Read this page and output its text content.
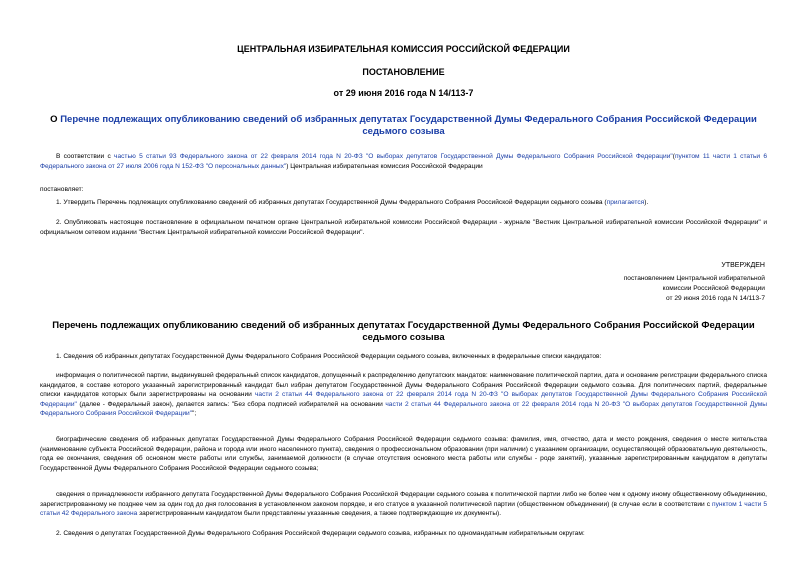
ЦЕНТРАЛЬНАЯ ИЗБИРАТЕЛЬНАЯ КОМИССИЯ РОССИЙСКОЙ ФЕДЕРАЦИИ
ПОСТАНОВЛЕНИЕ
от 29 июня 2016 года N 14/113-7
О Перечне подлежащих опубликованию сведений об избранных депутатах Государственной Думы Федерального Собрания Российской Федерации седьмого созыва
В соответствии с частью 5 статьи 93 Федерального закона от 22 февраля 2014 года N 20-ФЗ "О выборах депутатов Государственной Думы Федерального Собрания Российской Федерации"(пунктом 11 части 1 статьи 6 Федерального закона от 27 июля 2006 года N 152-ФЗ "О персональных данных") Центральная избирательная комиссия Российской Федерации
постановляет:
1. Утвердить Перечень подлежащих опубликованию сведений об избранных депутатах Государственной Думы Федерального Собрания Российской Федерации седьмого созыва (прилагается).
2. Опубликовать настоящее постановление в официальном печатном органе Центральной избирательной комиссии Российской Федерации - журнале "Вестник Центральной избирательной комиссии Российской Федерации" и официальном сетевом издании "Вестник Центральной избирательной комиссии Российской Федерации".
УТВЕРЖДЕН
постановлением Центральной избирательной
комиссии Российской Федерации
от 29 июня 2016 года N 14/113-7
Перечень подлежащих опубликованию сведений об избранных депутатах Государственной Думы Федерального Собрания Российской Федерации седьмого созыва
1. Сведения об избранных депутатах Государственной Думы Федерального Собрания Российской Федерации седьмого созыва, включенных в федеральные списки кандидатов:
информация о политической партии, выдвинувшей федеральный список кандидатов, допущенный к распределению депутатских мандатов: наименование политической партии, дата и основание регистрации федерального списка кандидатов, в составе которого указанный зарегистрированный кандидат был избран депутатом Государственной Думы Федерального Собрания Российской Федерации седьмого созыва. Для политических партий, федеральные списки кандидатов которых были зарегистрированы на основании части 2 статьи 44 Федерального закона от 22 февраля 2014 года N 20-ФЗ "О выборах депутатов Государственной Думы Федерального Собрания Российской Федерации" (далее - Федеральный закон), делается запись: "Без сбора подписей избирателей на основании части 2 статьи 44 Федерального закона от 22 февраля 2014 года N 20-ФЗ "О выборах депутатов Государственной Думы Федерального Собрания Российской Федерации"";
биографические сведения об избранных депутатах Государственной Думы Федерального Собрания Российской Федерации седьмого созыва: фамилия, имя, отчество, дата и место рождения, сведения о месте жительства (наименование субъекта Российской Федерации, района и города или иного населенного пункта), сведения о профессиональном образовании (при наличии) с указанием организации, осуществляющей образовательную деятельность, года ее окончания, сведения об основном месте работы или службы, занимаемой должности (в случае отсутствия основного места работы или службы - роде занятий), указанные зарегистрированным кандидатом в депутаты Государственной Думы Федерального Собрания Российской Федерации седьмого созыва;
сведения о принадлежности избранного депутата Государственной Думы Федерального Собрания Российской Федерации седьмого созыва к политической партии либо не более чем к одному иному общественному объединению, зарегистрированному не позднее чем за один год до дня голосования в установленном законом порядке, и его статусе в указанной политической партии (общественном объединении) (в случае если в соответствии с пунктом 1 части 5 статьи 42 Федерального закона зарегистрированным кандидатом были представлены указанные сведения, а также подтверждающие их документы).
2. Сведения о депутатах Государственной Думы Федерального Собрания Российской Федерации седьмого созыва, избранных по одномандатным избирательным округам:
